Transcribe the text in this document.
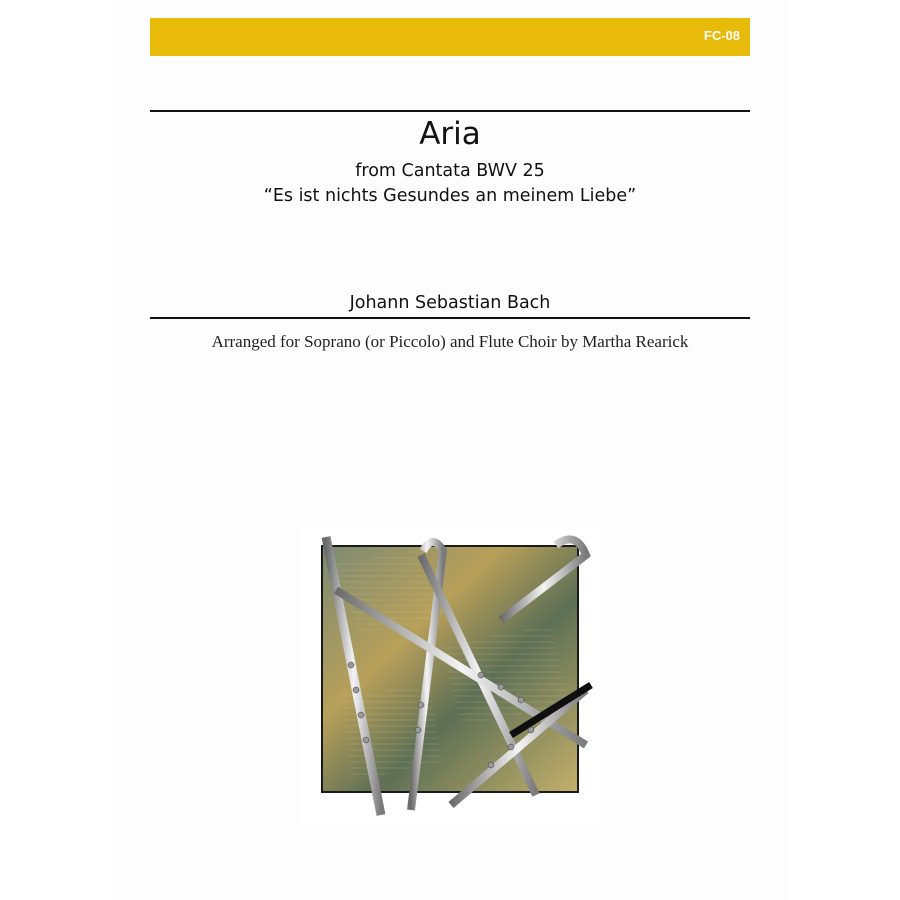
FC-08
Aria
from Cantata BWV 25
“Es ist nichts Gesundes an meinem Liebe”
Johann Sebastian Bach
Arranged for Soprano (or Piccolo) and Flute Choir by Martha Rearick
